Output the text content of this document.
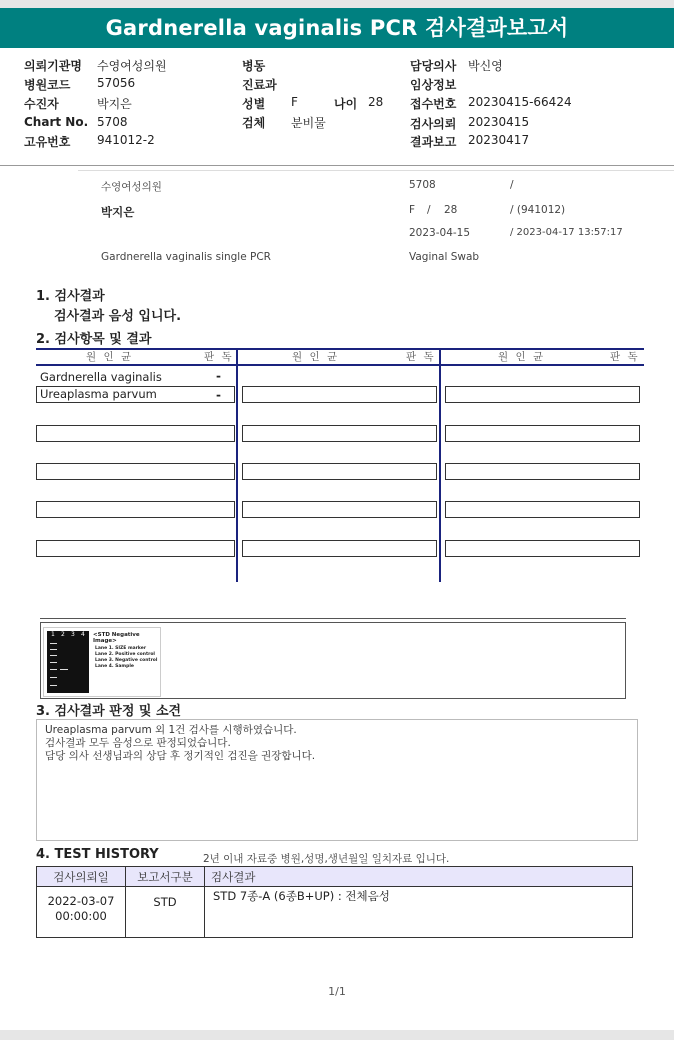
Gardnerella vaginalis PCR 검사결과보고서
의뢰기관명 수영여성의원	병동	담당의사 박신영
병원코드 57056	진료과	임상정보
수진자	박지은	성별 F	나이 28 접수번호 20230415-66424
Chart No. 5708	검체 분비물	검사의뢰 20230415
고유번호 941012-2	결과보고 20230417
수영여성의원	5708	/
박지은	F / 28	/ (941012)
2023-04-15	/ 2023-04-17 13:57:17
Gardnerella vaginalis single PCR	Vaginal Swab
1. 검사결과
검사결과 음성 입니다.
2. 검사항목 및 결과
원 인 균	판 독	원 인 균	판 독	원 인 균	판 독
Gardnerella vaginalis	-
Ureaplasma parvum	-
1 2 3 4 <STD Negative Image>
Lane 1. SIZE marker
Lane 2. Positive control
Lane 3. Negative control
Lane 4. Sample
3. 검사결과 판정 및 소견
Ureaplasma parvum 외 1건 검사를 시행하였습니다.
검사결과 모두 음성으로 판정되었습니다.
담당 의사 선생님과의 상담 후 정기적인 검진을 권장합니다.
4. TEST HISTORY	2년 이내 자료중 병원,성명,생년월일 일치자료 입니다.
검사의뢰일	보고서구분	검사결과

2022-03-07
00:00:00	STD	STD 7종-A (6종B+UP) : 전체음성
1/1
